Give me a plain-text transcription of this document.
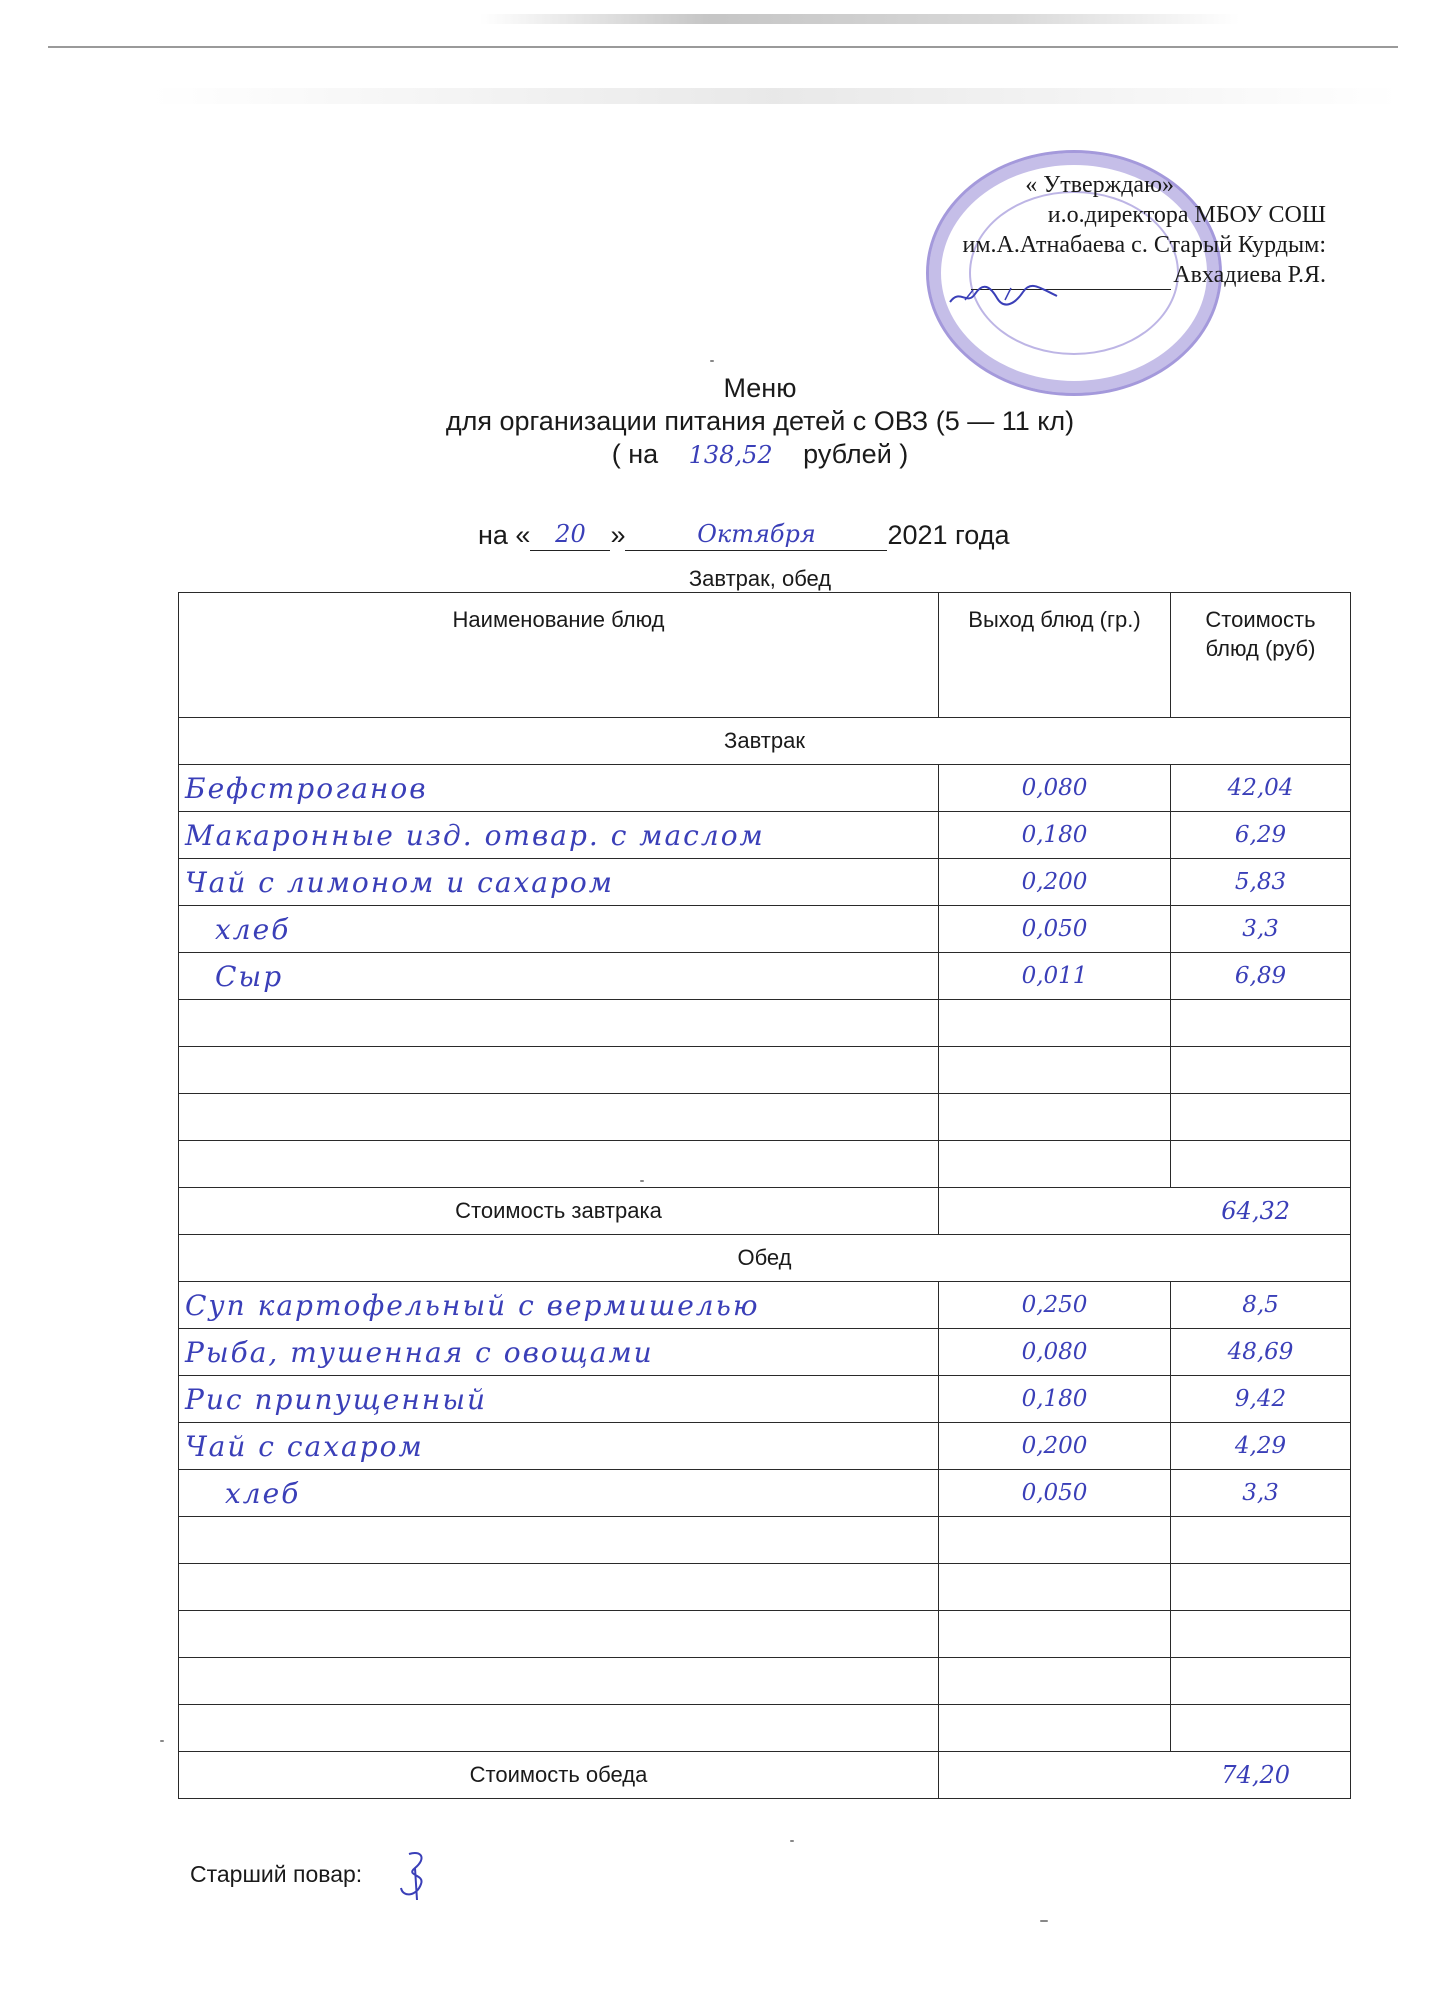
« Утверждаю»
и.о.директора МБОУ СОШ
им.А.Атнабаева с. Старый Курдым:
Авхадиева Р.Я.
Меню
для организации питания детей с ОВЗ (5 — 11 кл)
( на 138,52 рублей )
на « 20 »	Октября	2021 года
Завтрак, обед
Наименование блюд	Выход блюд (гр.)	Стоимость блюд (руб)
Завтрак		
Бефстроганов	0,080	42,04
Макаронные изд. отвар. с маслом	0,180	6,29
Чай с лимоном и сахаром	0,200	5,83
хлеб	0,050	3,3
Сыр	0,011	6,89

Стоимость завтрака	64,32	
Обед		
Суп картофельный с вермишелью	0,250	8,5
Рыба, тушенная с овощами	0,080	48,69
Рис припущенный	0,180	9,42
Чай с сахаром	0,200	4,29
хлеб	0,050	3,3

Стоимость обеда	74,20	
Старший повар:
